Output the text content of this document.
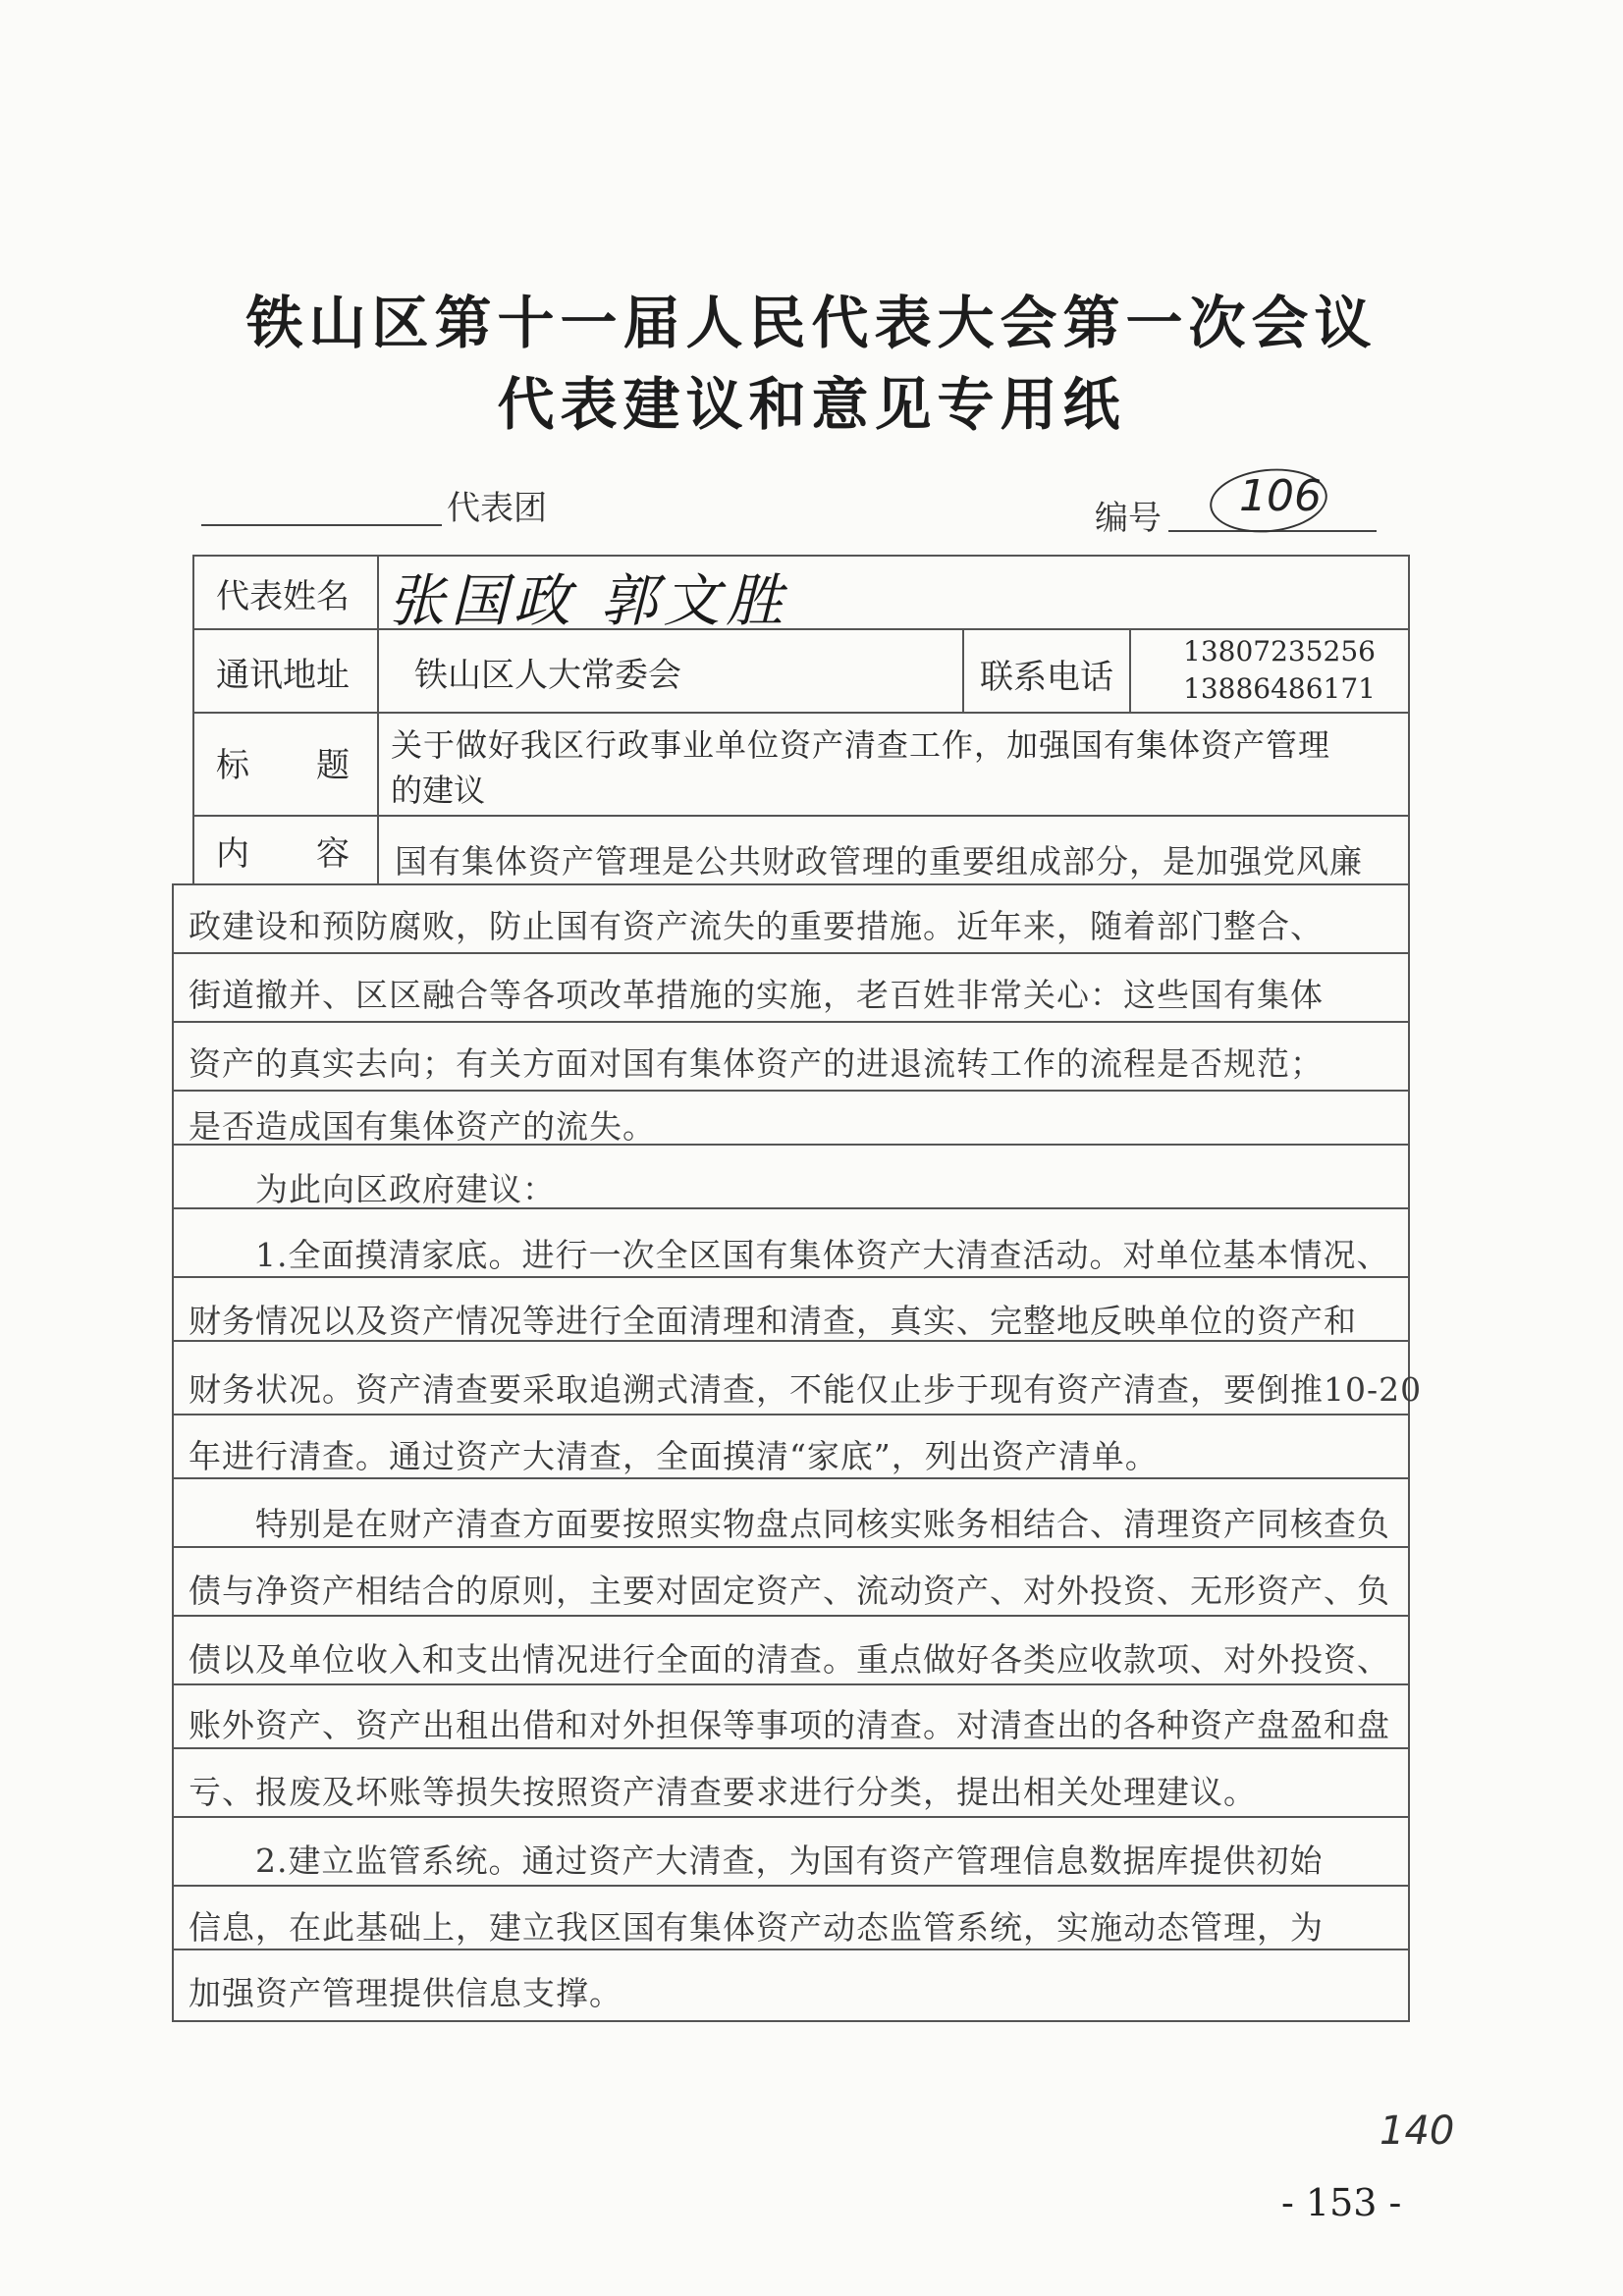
铁山区第十一届人民代表大会第一次会议
代表建议和意见专用纸
代表团	编号 106
代表姓名
通讯地址	联系电话
标　　题
内　　容
张国政 郭文胜
铁山区人大常委会
13807235256
13886486171
关于做好我区行政事业单位资产清查工作，加强国有集体资产管理
的建议
国有集体资产管理是公共财政管理的重要组成部分，是加强党风廉
政建设和预防腐败，防止国有资产流失的重要措施。近年来，随着部门整合、
街道撤并、区区融合等各项改革措施的实施，老百姓非常关心：这些国有集体
资产的真实去向；有关方面对国有集体资产的进退流转工作的流程是否规范；
是否造成国有集体资产的流失。
　　为此向区政府建议：
　　1.全面摸清家底。进行一次全区国有集体资产大清查活动。对单位基本情况、
财务情况以及资产情况等进行全面清理和清查，真实、完整地反映单位的资产和
财务状况。资产清查要采取追溯式清查，不能仅止步于现有资产清查，要倒推10-20
年进行清查。通过资产大清查，全面摸清“家底”，列出资产清单。
　　特别是在财产清查方面要按照实物盘点同核实账务相结合、清理资产同核查负
债与净资产相结合的原则，主要对固定资产、流动资产、对外投资、无形资产、负
债以及单位收入和支出情况进行全面的清查。重点做好各类应收款项、对外投资、
账外资产、资产出租出借和对外担保等事项的清查。对清查出的各种资产盘盈和盘
亏、报废及坏账等损失按照资产清查要求进行分类，提出相关处理建议。
　　2.建立监管系统。通过资产大清查，为国有资产管理信息数据库提供初始
信息，在此基础上，建立我区国有集体资产动态监管系统，实施动态管理，为
加强资产管理提供信息支撑。
140
- 153 -
